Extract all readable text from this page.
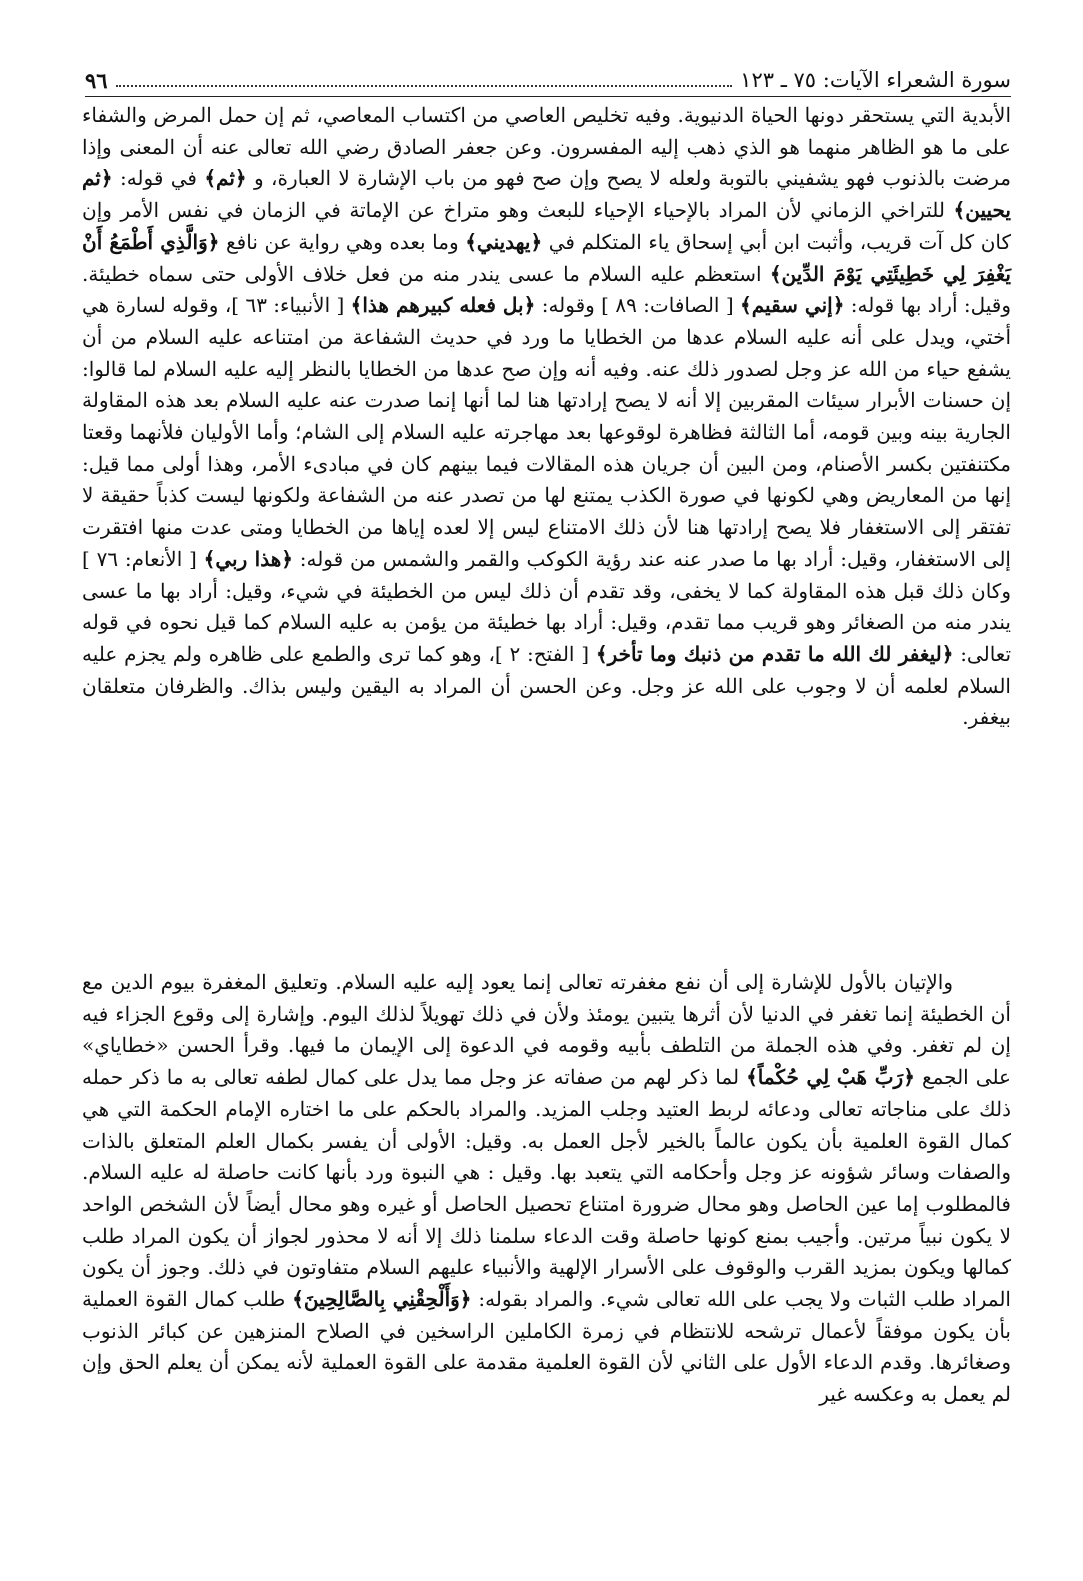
٩٦	سورة الشعراء الآيات: ٧٥ ـ ١٢٣

الأبدية التي يستحقر دونها الحياة الدنيوية. وفيه تخليص العاصي من اكتساب المعاصي، ثم إن حمل المرض والشفاء على ما هو الظاهر منهما هو الذي ذهب إليه المفسرون. وعن جعفر الصادق رضي الله تعالى عنه أن المعنى وإذا مرضت بالذنوب فهو يشفيني بالتوبة ولعله لا يصح وإن صح فهو من باب الإشارة لا العبارة، و ﴿ثم﴾ في قوله: ﴿ثم يحيين﴾ للتراخي الزماني لأن المراد بالإحياء الإحياء للبعث وهو متراخ عن الإماتة في الزمان في نفس الأمر وإن كان كل آت قريب، وأثبت ابن أبي إسحاق ياء المتكلم في ﴿يهديني﴾ وما بعده وهي رواية عن نافع ﴿وَالَّذِي أَطْمَعُ أَنْ يَغْفِرَ لِي خَطِيئَتِي يَوْمَ الدِّين﴾ استعظم عليه السلام ما عسى يندر منه من فعل خلاف الأولى حتى سماه خطيئة. وقيل: أراد بها قوله: ﴿إني سقيم﴾ [ الصافات: ٨٩ ] وقوله: ﴿بل فعله كبيرهم هذا﴾ [ الأنبياء: ٦٣ ]، وقوله لسارة هي أختي، ويدل على أنه عليه السلام عدها من الخطايا ما ورد في حديث الشفاعة من امتناعه عليه السلام من أن يشفع حياء من الله عز وجل لصدور ذلك عنه. وفيه أنه وإن صح عدها من الخطايا بالنظر إليه عليه السلام لما قالوا: إن حسنات الأبرار سيئات المقربين إلا أنه لا يصح إرادتها هنا لما أنها إنما صدرت عنه عليه السلام بعد هذه المقاولة الجارية بينه وبين قومه، أما الثالثة فظاهرة لوقوعها بعد مهاجرته عليه السلام إلى الشام؛ وأما الأوليان فلأنهما وقعتا مكتنفتين بكسر الأصنام، ومن البين أن جريان هذه المقالات فيما بينهم كان في مبادىء الأمر، وهذا أولى مما قيل: إنها من المعاريض وهي لكونها في صورة الكذب يمتنع لها من تصدر عنه من الشفاعة ولكونها ليست كذباً حقيقة لا تفتقر إلى الاستغفار فلا يصح إرادتها هنا لأن ذلك الامتناع ليس إلا لعده إياها من الخطايا ومتى عدت منها افتقرت إلى الاستغفار، وقيل: أراد بها ما صدر عنه عند رؤية الكوكب والقمر والشمس من قوله: ﴿هذا ربي﴾ [ الأنعام: ٧٦ ] وكان ذلك قبل هذه المقاولة كما لا يخفى، وقد تقدم أن ذلك ليس من الخطيئة في شيء، وقيل: أراد بها ما عسى يندر منه من الصغائر وهو قريب مما تقدم، وقيل: أراد بها خطيئة من يؤمن به عليه السلام كما قيل نحوه في قوله تعالى: ﴿ليغفر لك الله ما تقدم من ذنبك وما تأخر﴾ [ الفتح: ٢ ]، وهو كما ترى والطمع على ظاهره ولم يجزم عليه السلام لعلمه أن لا وجوب على الله عز وجل. وعن الحسن أن المراد به اليقين وليس بذاك. والظرفان متعلقان بيغفر.

والإتيان بالأول للإشارة إلى أن نفع مغفرته تعالى إنما يعود إليه عليه السلام. وتعليق المغفرة بيوم الدين مع أن الخطيئة إنما تغفر في الدنيا لأن أثرها يتبين يومئذ ولأن في ذلك تهويلاً لذلك اليوم. وإشارة إلى وقوع الجزاء فيه إن لم تغفر. وفي هذه الجملة من التلطف بأبيه وقومه في الدعوة إلى الإيمان ما فيها. وقرأ الحسن «خطاياي» على الجمع ﴿رَبِّ هَبْ لِي حُكْماً﴾ لما ذكر لهم من صفاته عز وجل مما يدل على كمال لطفه تعالى به ما ذكر حمله ذلك على مناجاته تعالى ودعائه لربط العتيد وجلب المزيد. والمراد بالحكم على ما اختاره الإمام الحكمة التي هي كمال القوة العلمية بأن يكون عالماً بالخير لأجل العمل به. وقيل: الأولى أن يفسر بكمال العلم المتعلق بالذات والصفات وسائر شؤونه عز وجل وأحكامه التي يتعبد بها. وقيل : هي النبوة ورد بأنها كانت حاصلة له عليه السلام. فالمطلوب إما عين الحاصل وهو محال ضرورة امتناع تحصيل الحاصل أو غيره وهو محال أيضاً لأن الشخص الواحد لا يكون نبياً مرتين. وأجيب بمنع كونها حاصلة وقت الدعاء سلمنا ذلك إلا أنه لا محذور لجواز أن يكون المراد طلب كمالها ويكون بمزيد القرب والوقوف على الأسرار الإلهية والأنبياء عليهم السلام متفاوتون في ذلك. وجوز أن يكون المراد طلب الثبات ولا يجب على الله تعالى شيء. والمراد بقوله: ﴿وَأَلْحِقْنِي بِالصَّالِحِينَ﴾ طلب كمال القوة العملية بأن يكون موفقاً لأعمال ترشحه للانتظام في زمرة الكاملين الراسخين في الصلاح المنزهين عن كبائر الذنوب وصغائرها. وقدم الدعاء الأول على الثاني لأن القوة العلمية مقدمة على القوة العملية لأنه يمكن أن يعلم الحق وإن لم يعمل به وعكسه غير
